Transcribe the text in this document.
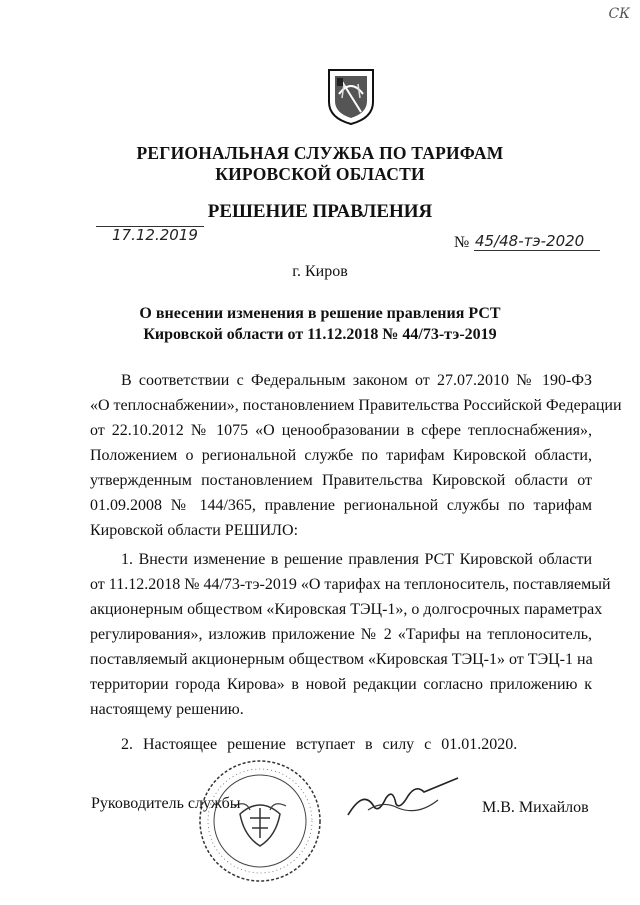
СК
РЕГИОНАЛЬНАЯ СЛУЖБА ПО ТАРИФАМ
КИРОВСКОЙ ОБЛАСТИ
РЕШЕНИЕ ПРАВЛЕНИЯ
17.12.2019	№ 45/48-тэ-2020
г. Киров
О внесении изменения в решение правления РСТ
Кировской области от 11.12.2018 № 44/73-тэ-2019
В соответствии с Федеральным законом от 27.07.2010 № 190-ФЗ
«О теплоснабжении», постановлением Правительства Российской Федерации
от 22.10.2012 № 1075 «О ценообразовании в сфере теплоснабжения»,
Положением о региональной службе по тарифам Кировской области,
утвержденным постановлением Правительства Кировской области от
01.09.2008 № 144/365, правление региональной службы по тарифам
Кировской области РЕШИЛО:
1. Внести изменение в решение правления РСТ Кировской области
от 11.12.2018 № 44/73-тэ-2019 «О тарифах на теплоноситель, поставляемый
акционерным обществом «Кировская ТЭЦ-1», о долгосрочных параметрах
регулирования», изложив приложение № 2 «Тарифы на теплоноситель,
поставляемый акционерным обществом «Кировская ТЭЦ-1» от ТЭЦ-1 на
территории города Кирова» в новой редакции согласно приложению к
настоящему решению.
2. Настоящее решение вступает в силу с 01.01.2020.
Руководитель службы	М.В. Михайлов
